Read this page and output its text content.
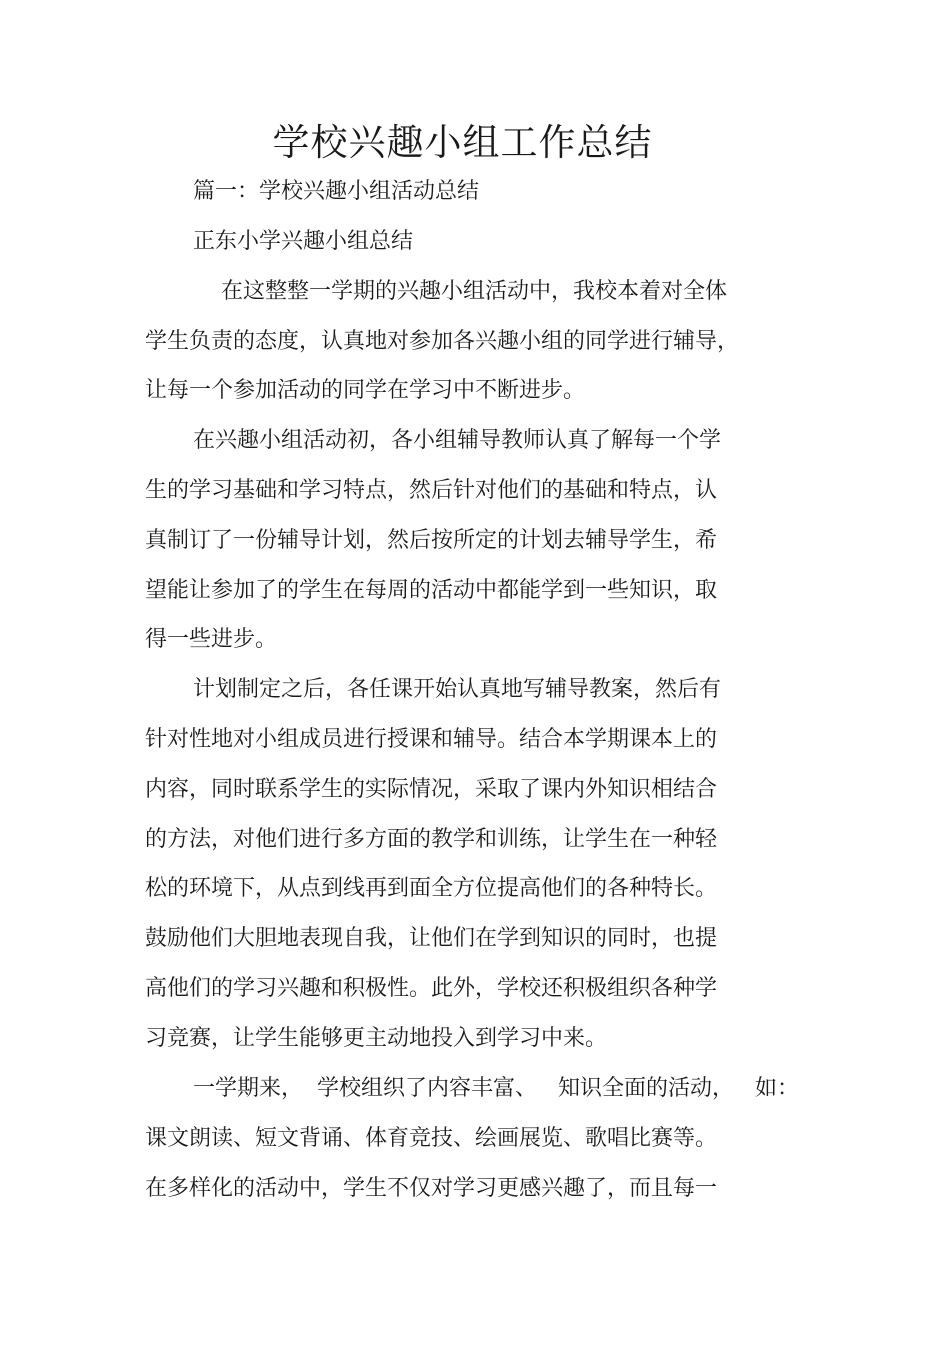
学校兴趣小组工作总结
篇一：学校兴趣小组活动总结
正东小学兴趣小组总结
在这整整一学期的兴趣小组活动中，我校本着对全体
学生负责的态度，认真地对参加各兴趣小组的同学进行辅导，
让每一个参加活动的同学在学习中不断进步。
在兴趣小组活动初，各小组辅导教师认真了解每一个学
生的学习基础和学习特点，然后针对他们的基础和特点，认
真制订了一份辅导计划，然后按所定的计划去辅导学生，希
望能让参加了的学生在每周的活动中都能学到一些知识，取
得一些进步。
计划制定之后，各任课开始认真地写辅导教案，然后有
针对性地对小组成员进行授课和辅导。结合本学期课本上的
内容，同时联系学生的实际情况，采取了课内外知识相结合
的方法，对他们进行多方面的教学和训练，让学生在一种轻
松的环境下，从点到线再到面全方位提高他们的各种特长。
鼓励他们大胆地表现自我，让他们在学到知识的同时，也提
高他们的学习兴趣和积极性。此外，学校还积极组织各种学
习竞赛，让学生能够更主动地投入到学习中来。
一学期来，  学校组织了内容丰富、   知识全面的活动，   如：
课文朗读、短文背诵、体育竞技、绘画展览、歌唱比赛等。
在多样化的活动中，学生不仅对学习更感兴趣了，而且每一
